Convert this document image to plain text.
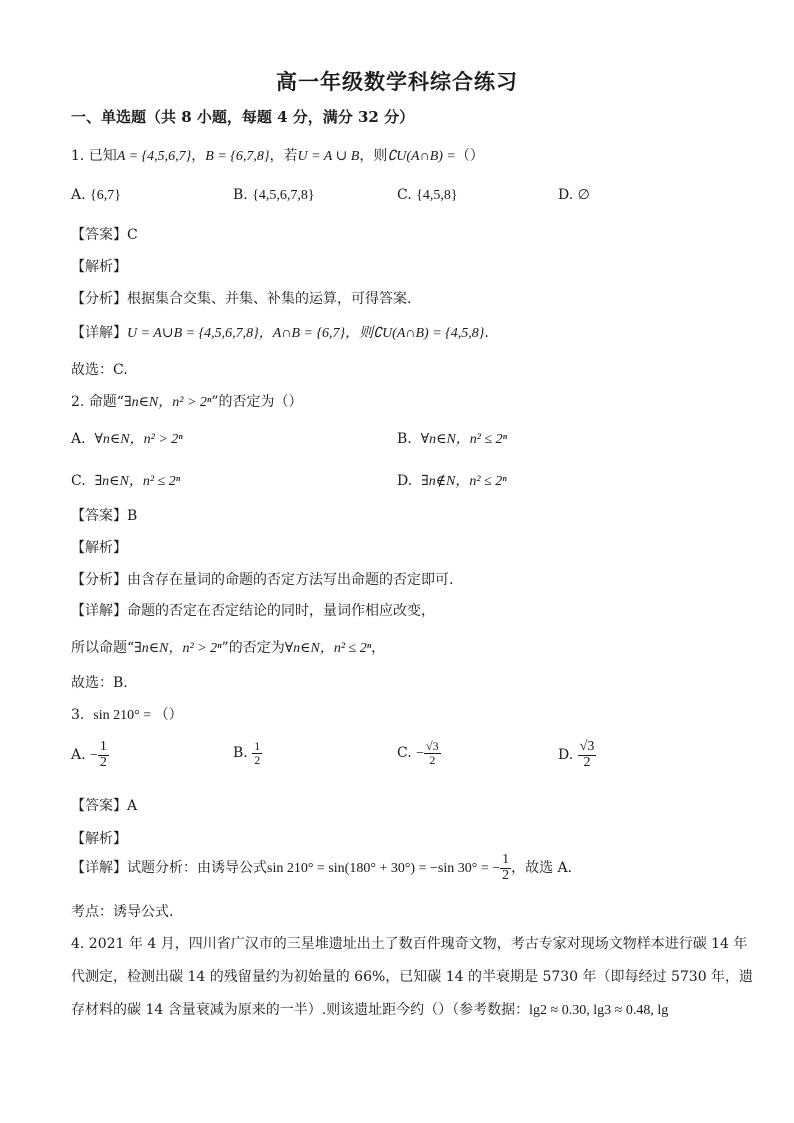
高一年级数学科综合练习
一、单选题（共 8 小题，每题 4 分，满分 32 分）
1. 已知A = {4,5,6,7}，B = {6,7,8}，若U = A ∪ B，则∁U(A∩B) =（）
A. {6,7}	B. {4,5,6,7,8}	C. {4,5,8}	D. ∅
【答案】C
【解析】
【分析】根据集合交集、并集、补集的运算，可得答案.
【详解】U = A∪B = {4,5,6,7,8}，A∩B = {6,7}，则∁U(A∩B) = {4,5,8}.
故选：C.
2. 命题“∃n∈N，n² > 2ⁿ”的否定为（）
A. ∀n∈N，n² > 2ⁿ	B. ∀n∈N，n² ≤ 2ⁿ
C. ∃n∈N，n² ≤ 2ⁿ	D. ∃n∉N，n² ≤ 2ⁿ
【答案】B
【解析】
【分析】由含存在量词的命题的否定方法写出命题的否定即可.
【详解】命题的否定在否定结论的同时，量词作相应改变，
所以命题“∃n∈N，n² > 2ⁿ”的否定为∀n∈N，n² ≤ 2ⁿ，
故选：B.
3. sin 210° = （）
A. − $\frac{1}{2}$	B. $\frac{1}{2}$	C. − $\frac{√3}{2}$	D. $\frac{√3}{2}$
【答案】A
【解析】
【详解】试题分析：由诱导公式sin 210° = sin(180° + 30°) = −sin 30° = − $\frac{1}{2}$ ，故选 A．
考点：诱导公式．
4. 2021 年 4 月，四川省广汉市的三星堆遗址出土了数百件瑰奇文物，考古专家对现场文物样本进行碳 14 年
代测定，检测出碳 14 的残留量约为初始量的 66%，已知碳 14 的半衰期是 5730 年（即每经过 5730 年，遗
存材料的碳 14 含量衰减为原来的一半）.则该遗址距今约（）（参考数据：lg2 ≈ 0.30, lg3 ≈ 0.48, lg
